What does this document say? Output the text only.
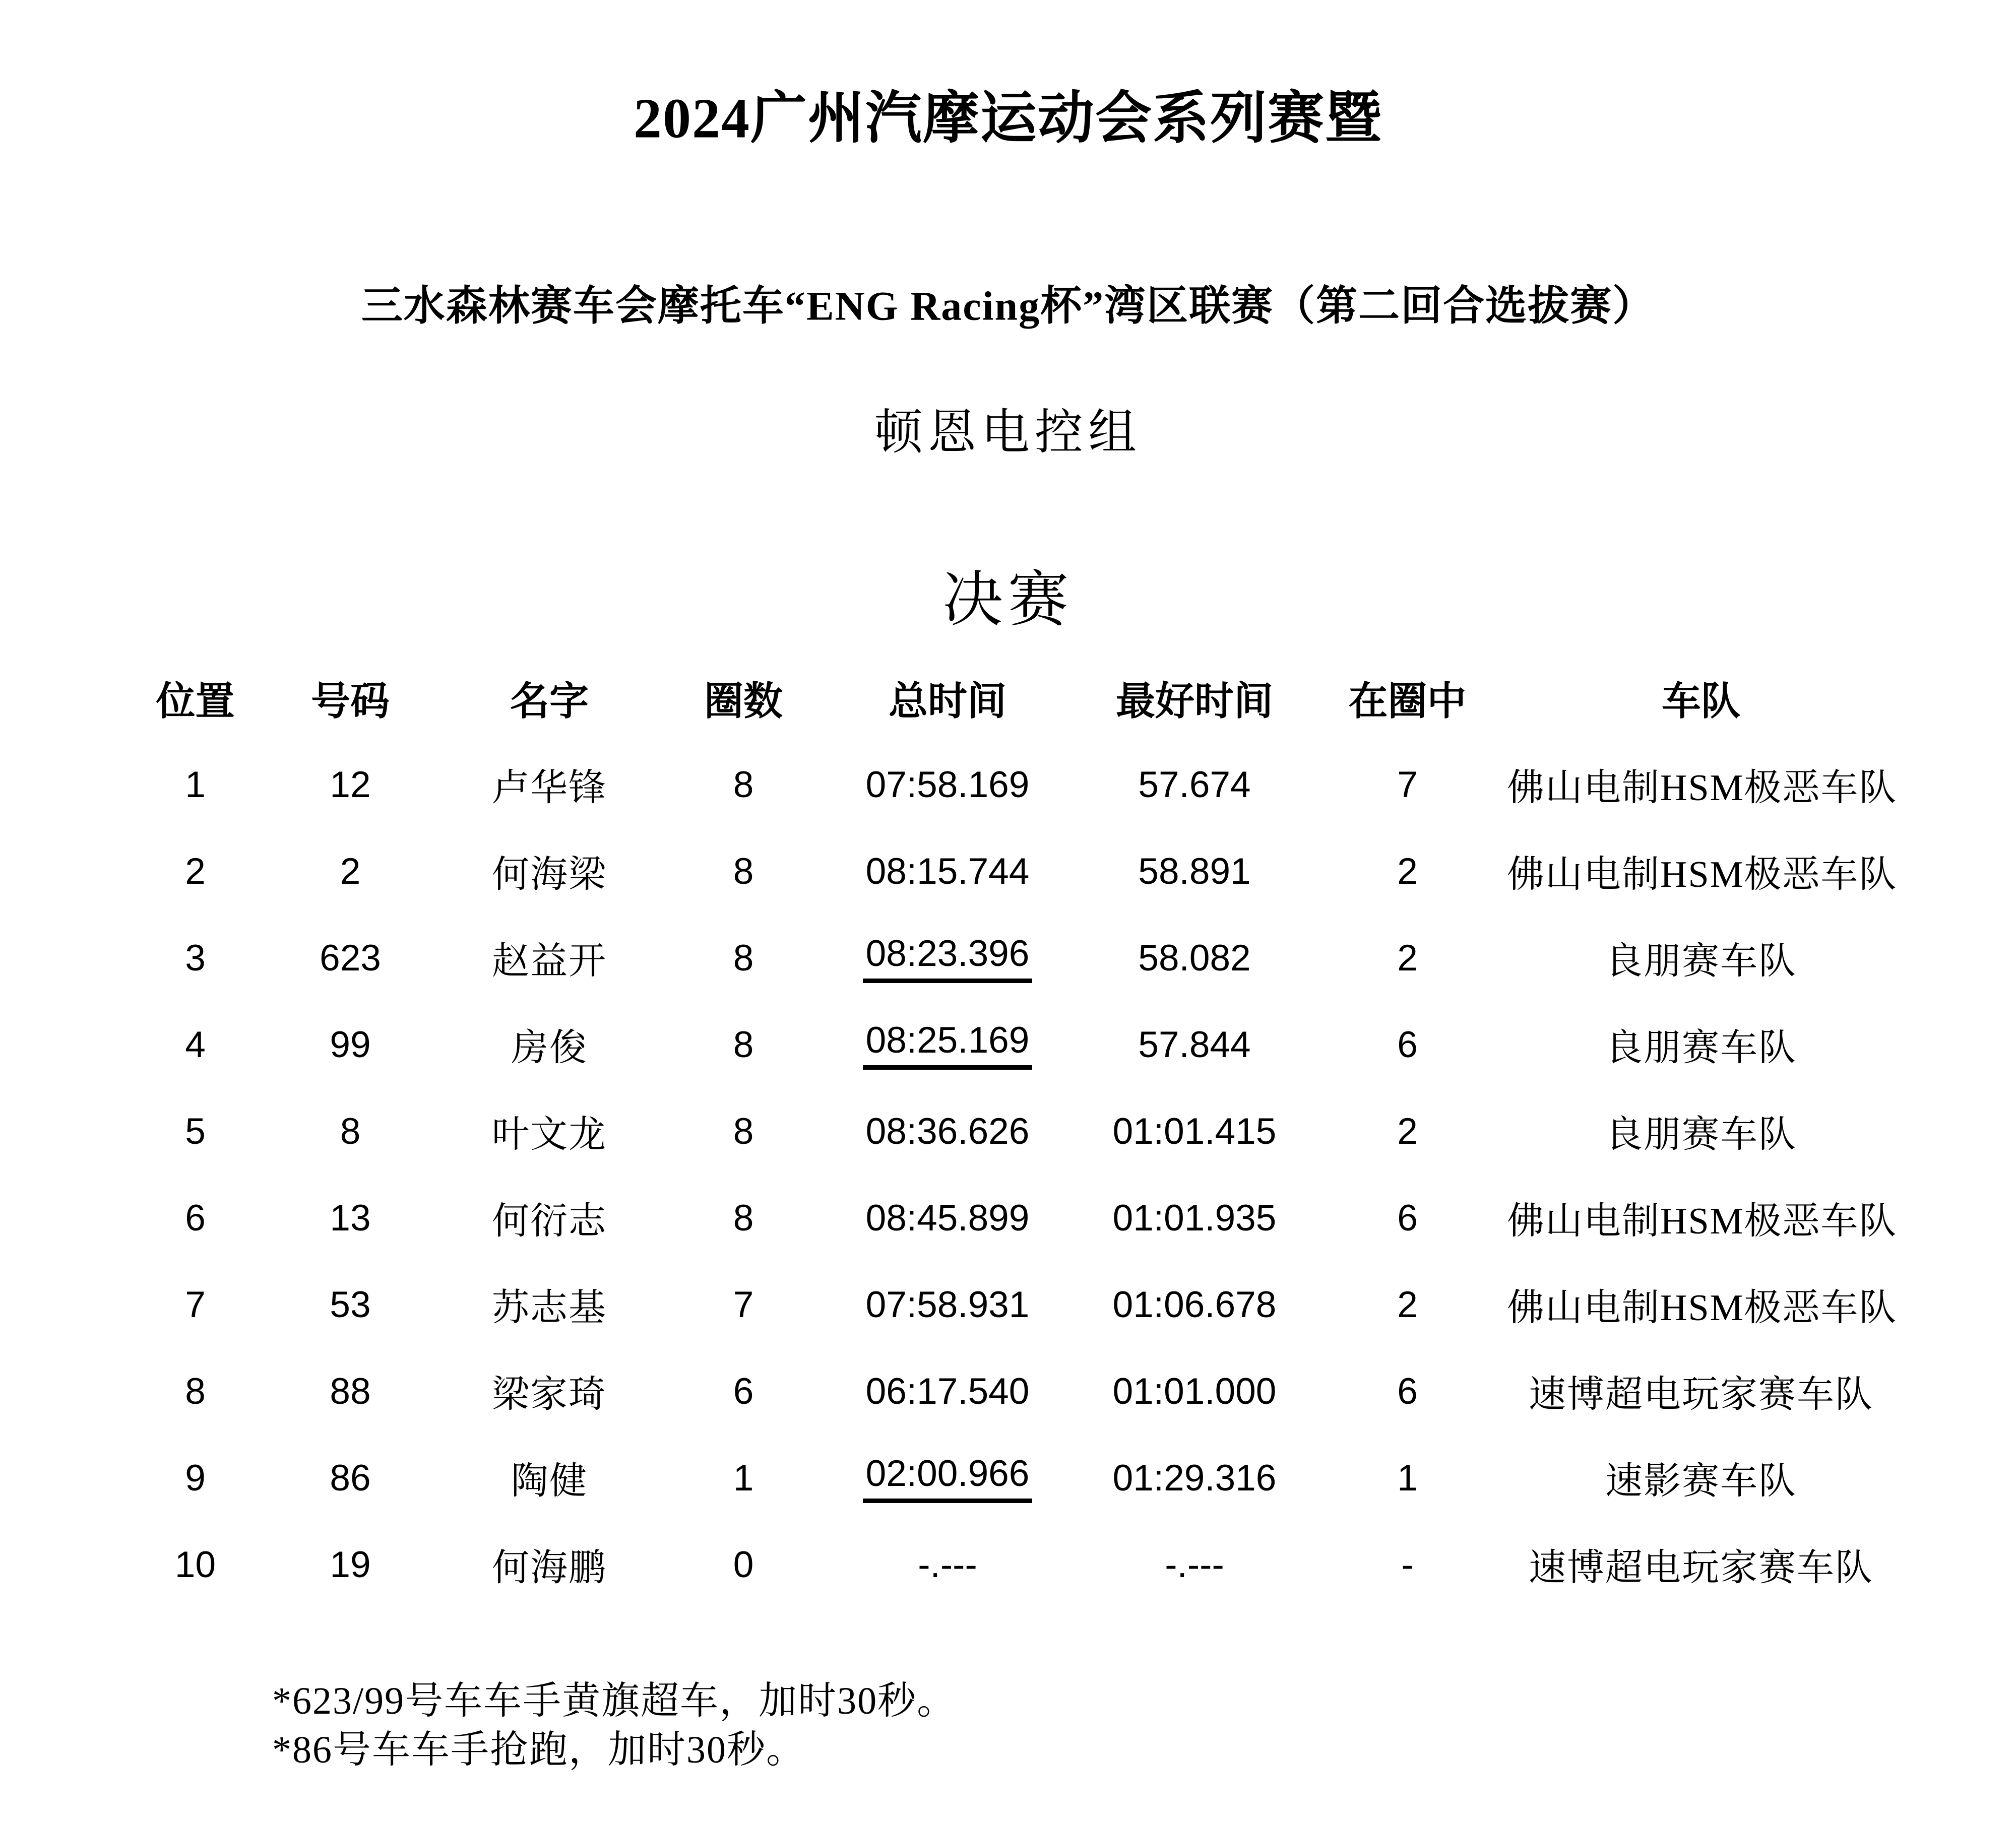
2024广州汽摩运动会系列赛暨
三水森林赛车会摩托车“ENG Racing杯”湾区联赛（第二回合选拔赛）
顿恩电控组
决赛
位置	号码	名字	圈数	总时间	最好时间	在圈中	车队
1	12	卢华锋	8	07:58.169	57.674	7	佛山电制HSM极恶车队
2	2	何海梁	8	08:15.744	58.891	2	佛山电制HSM极恶车队
3	623	赵益开	8	08:23.396	58.082	2	良朋赛车队
4	99	房俊	8	08:25.169	57.844	6	良朋赛车队
5	8	叶文龙	8	08:36.626	01:01.415	2	良朋赛车队
6	13	何衍志	8	08:45.899	01:01.935	6	佛山电制HSM极恶车队
7	53	苏志基	7	07:58.931	01:06.678	2	佛山电制HSM极恶车队
8	88	梁家琦	6	06:17.540	01:01.000	6	速博超电玩家赛车队
9	86	陶健	1	02:00.966	01:29.316	1	速影赛车队
10	19	何海鹏	0	-.---	-.---	-	速博超电玩家赛车队
*623/99号车车手黄旗超车，加时30秒。
*86号车车手抢跑，加时30秒。
